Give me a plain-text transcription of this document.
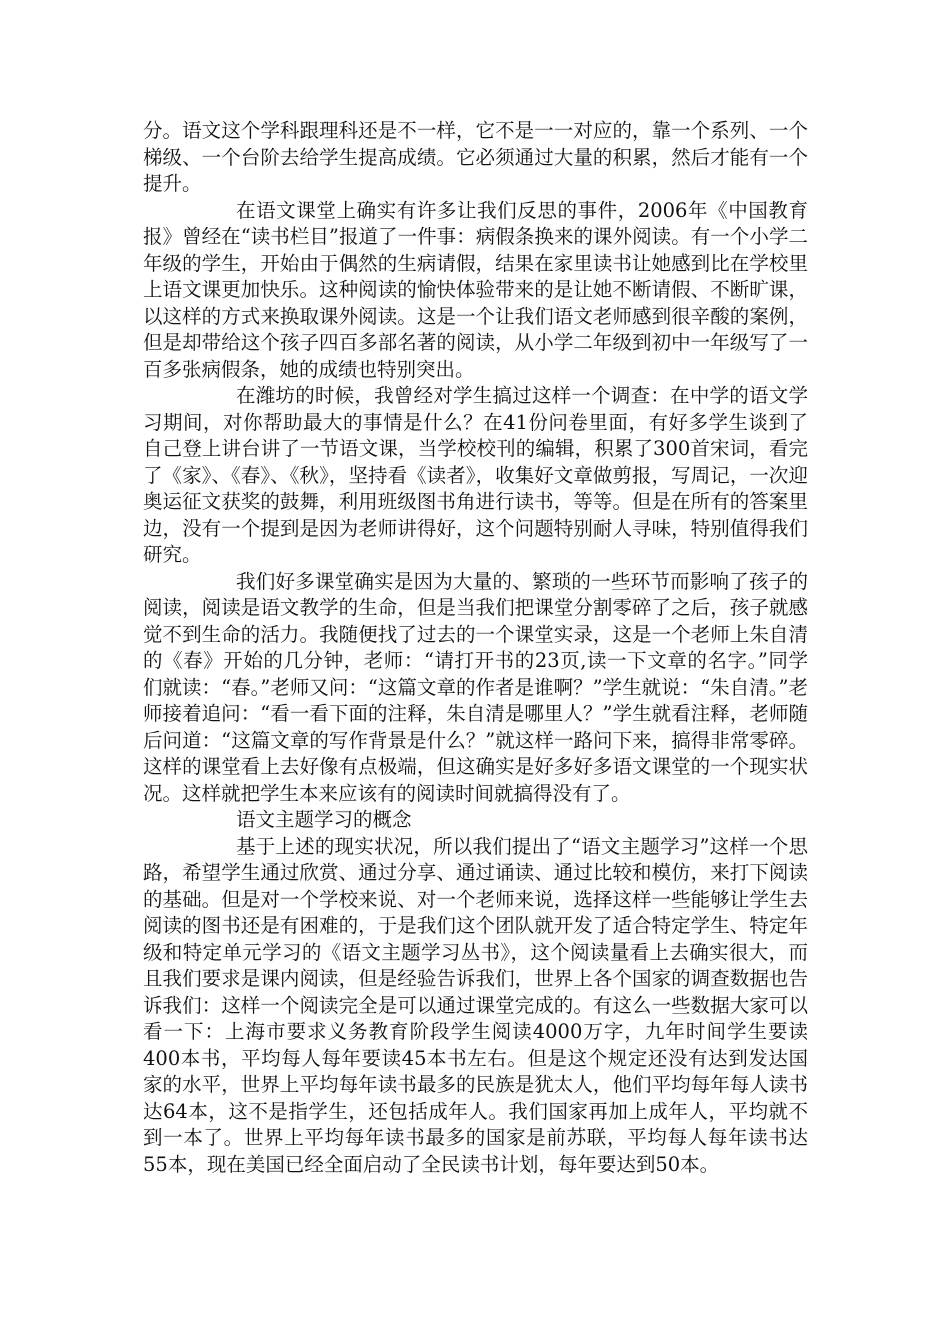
分。语文这个学科跟理科还是不一样，它不是一一对应的，靠一个系列、一个梯级、一个台阶去给学生提高成绩。它必须通过大量的积累，然后才能有一个提升。

在语文课堂上确实有许多让我们反思的事件，2006年《中国教育报》曾经在“读书栏目”报道了一件事：病假条换来的课外阅读。有一个小学二年级的学生，开始由于偶然的生病请假，结果在家里读书让她感到比在学校里上语文课更加快乐。这种阅读的愉快体验带来的是让她不断请假、不断旷课，以这样的方式来换取课外阅读。这是一个让我们语文老师感到很辛酸的案例，但是却带给这个孩子四百多部名著的阅读，从小学二年级到初中一年级写了一百多张病假条，她的成绩也特别突出。

在潍坊的时候，我曾经对学生搞过这样一个调查：在中学的语文学习期间，对你帮助最大的事情是什么？在41份问卷里面，有好多学生谈到了自己登上讲台讲了一节语文课，当学校校刊的编辑，积累了300首宋词，看完了《家》、《春》、《秋》，坚持看《读者》，收集好文章做剪报，写周记，一次迎奥运征文获奖的鼓舞，利用班级图书角进行读书，等等。但是在所有的答案里边，没有一个提到是因为老师讲得好，这个问题特别耐人寻味，特别值得我们研究。

我们好多课堂确实是因为大量的、繁琐的一些环节而影响了孩子的阅读，阅读是语文教学的生命，但是当我们把课堂分割零碎了之后，孩子就感觉不到生命的活力。我随便找了过去的一个课堂实录，这是一个老师上朱自清的《春》开始的几分钟，老师：“请打开书的23页,读一下文章的名字。”同学们就读：“春。”老师又问：“这篇文章的作者是谁啊？”学生就说：“朱自清。”老师接着追问：“看一看下面的注释，朱自清是哪里人？”学生就看注释，老师随后问道：“这篇文章的写作背景是什么？”就这样一路问下来，搞得非常零碎。这样的课堂看上去好像有点极端，但这确实是好多好多语文课堂的一个现实状况。这样就把学生本来应该有的阅读时间就搞得没有了。

语文主题学习的概念

基于上述的现实状况，所以我们提出了“语文主题学习”这样一个思路，希望学生通过欣赏、通过分享、通过诵读、通过比较和模仿，来打下阅读的基础。但是对一个学校来说、对一个老师来说，选择这样一些能够让学生去阅读的图书还是有困难的，于是我们这个团队就开发了适合特定学生、特定年级和特定单元学习的《语文主题学习丛书》，这个阅读量看上去确实很大，而且我们要求是课内阅读，但是经验告诉我们，世界上各个国家的调查数据也告诉我们：这样一个阅读完全是可以通过课堂完成的。有这么一些数据大家可以看一下：上海市要求义务教育阶段学生阅读4000万字，九年时间学生要读400本书，平均每人每年要读45本书左右。但是这个规定还没有达到发达国家的水平，世界上平均每年读书最多的民族是犹太人，他们平均每年每人读书达64本，这不是指学生，还包括成年人。我们国家再加上成年人，平均就不到一本了。世界上平均每年读书最多的国家是前苏联，平均每人每年读书达55本，现在美国已经全面启动了全民读书计划，每年要达到50本。
